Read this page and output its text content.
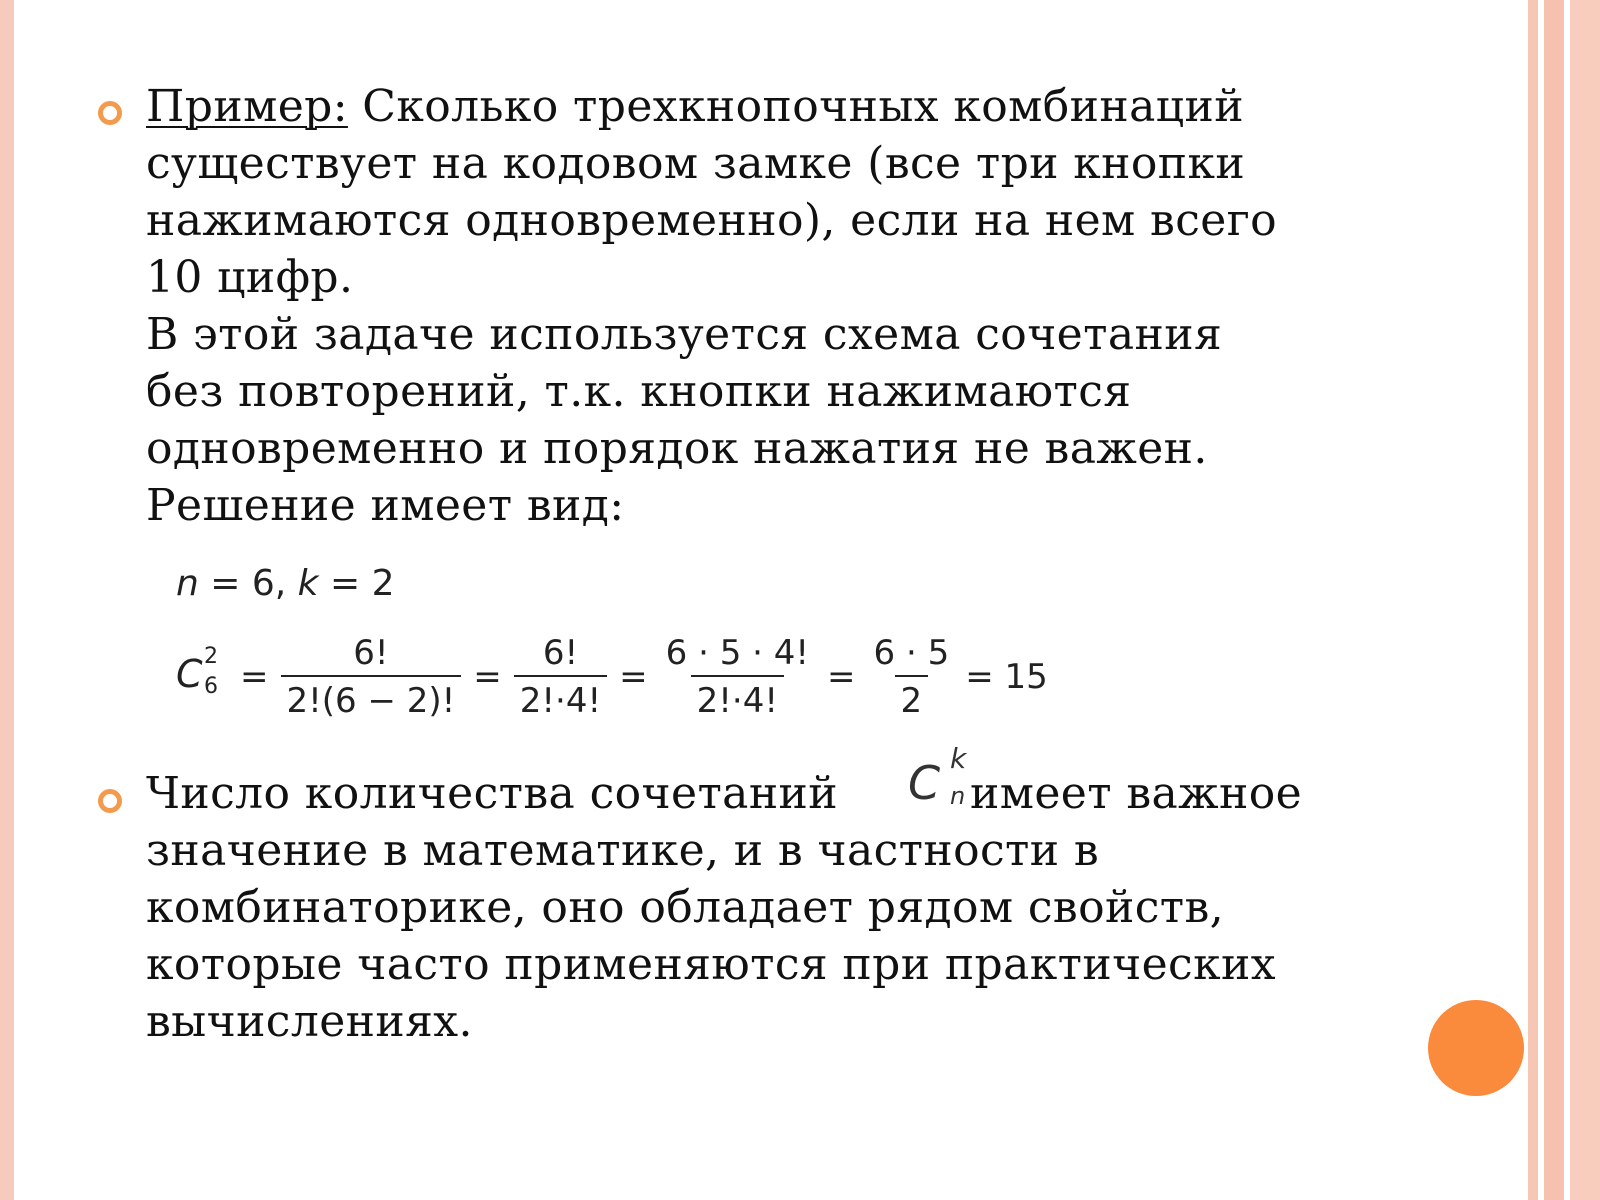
Пример: Сколько трехкнопочных комбинаций
существует на кодовом замке (все три кнопки
нажимаются одновременно), если на нем всего
10 цифр.
В этой задаче используется схема сочетания
без повторений, т.к. кнопки нажимаются
одновременно и порядок нажатия не важен.
Решение имеет вид:
n = 6, k = 2
C 2
$6 = \frac{6!}{2!(6 - 2)!} = \frac{6!}{2!\cdot 4!} = \frac{6 \cdot 5 \cdot 4!}{2!\cdot 4!} = \frac{6 \cdot 5}{2} = 15$
Число количества сочетаний	имеет важное
значение в математике, и в частности в
комбинаторике, оно обладает рядом свойств,
которые часто применяются при практических
вычислениях.
C k
n
